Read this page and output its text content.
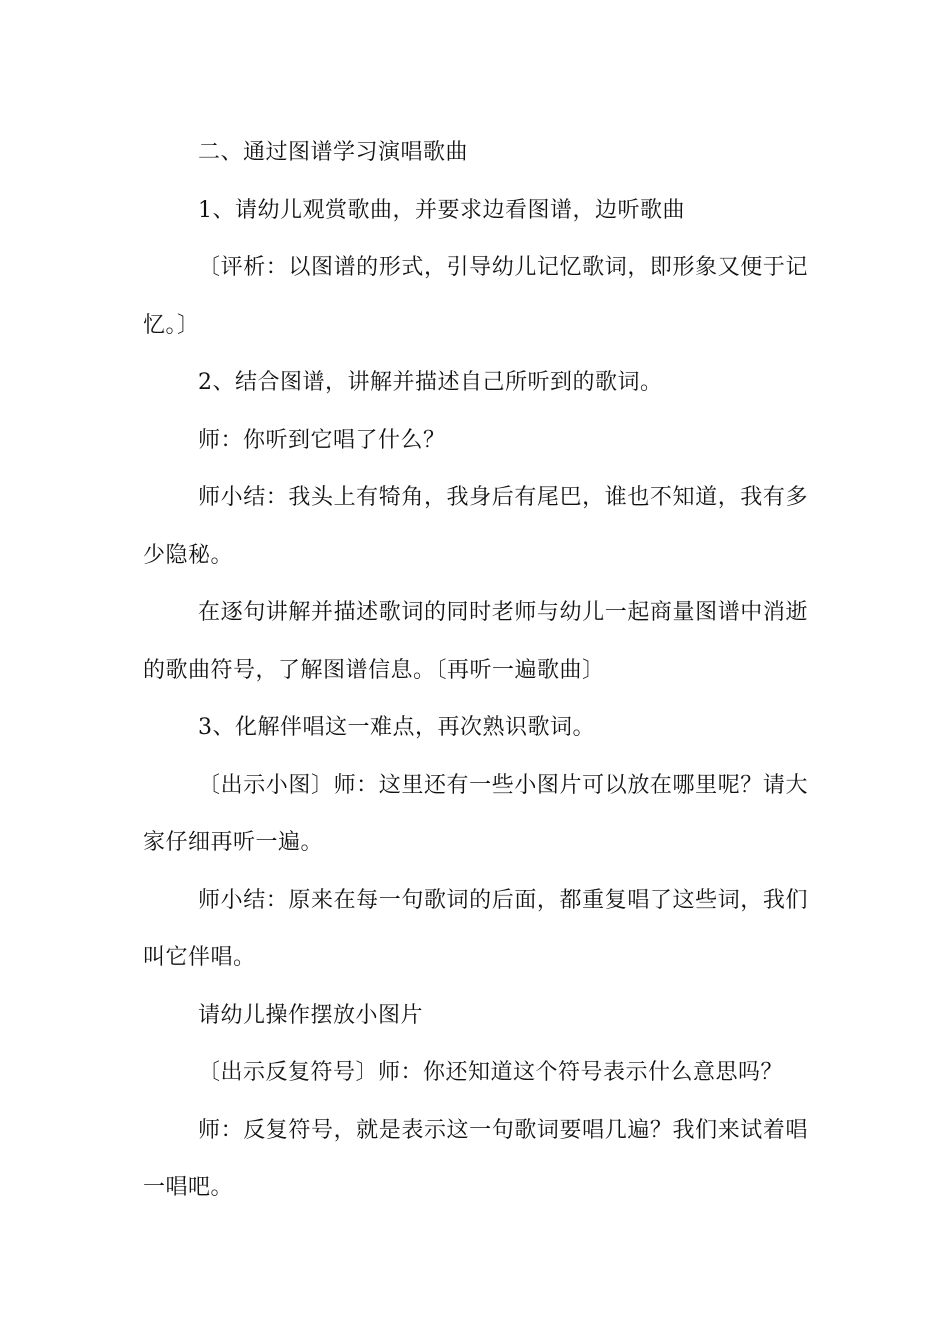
二、通过图谱学习演唱歌曲

1、请幼儿观赏歌曲，并要求边看图谱，边听歌曲

〔评析：以图谱的形式，引导幼儿记忆歌词，即形象又便于记忆。〕

2、结合图谱，讲解并描述自己所听到的歌词。

师：你听到它唱了什么？

师小结：我头上有犄角，我身后有尾巴，谁也不知道，我有多少隐秘。

在逐句讲解并描述歌词的同时老师与幼儿一起商量图谱中消逝的歌曲符号，了解图谱信息。〔再听一遍歌曲〕

3、化解伴唱这一难点，再次熟识歌词。

〔出示小图〕师：这里还有一些小图片可以放在哪里呢？请大家仔细再听一遍。

师小结：原来在每一句歌词的后面，都重复唱了这些词，我们叫它伴唱。

请幼儿操作摆放小图片

〔出示反复符号〕师：你还知道这个符号表示什么意思吗？

师：反复符号，就是表示这一句歌词要唱几遍？我们来试着唱一唱吧。
